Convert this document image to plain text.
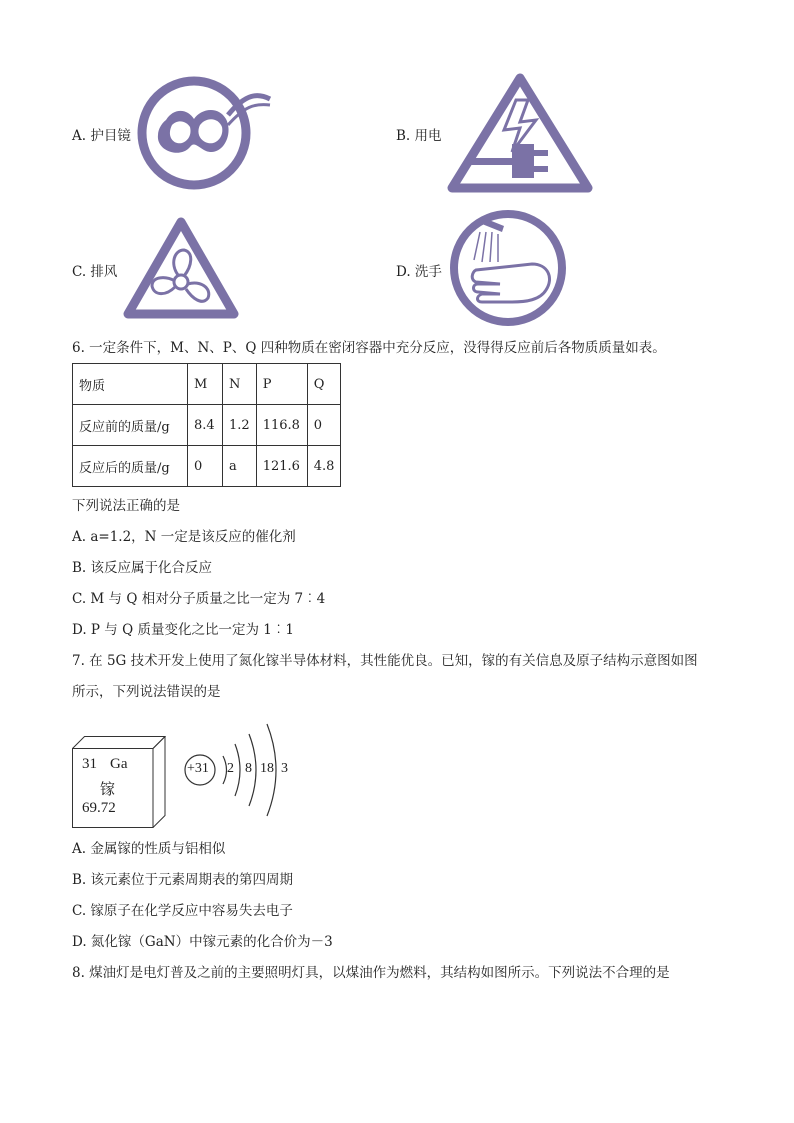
A. 护目镜	B. 用电
C. 排风	D. 洗手
6. 一定条件下，M、N、P、Q 四种物质在密闭容器中充分反应，没得得反应前后各物质质量如表。
物质	M	N	P	Q
反应前的质量/g	8.4	1.2	116.8	0
反应后的质量/g	0	a	121.6	4.8
下列说法正确的是
A. a=1.2，N 一定是该反应的催化剂
B. 该反应属于化合反应
C. M 与 Q 相对分子质量之比一定为 7︰4
D. P 与 Q 质量变化之比一定为 1︰1
7. 在 5G 技术开发上使用了氮化镓半导体材料，其性能优良。已知，镓的有关信息及原子结构示意图如图
所示，下列说法错误的是
31 Ga
镓
69.72
+31 2 8 18 3
A. 金属镓的性质与铝相似
B. 该元素位于元素周期表的第四周期
C. 镓原子在化学反应中容易失去电子
D. 氮化镓（GaN）中镓元素的化合价为－3
8. 煤油灯是电灯普及之前的主要照明灯具，以煤油作为燃料，其结构如图所示。下列说法不合理的是
